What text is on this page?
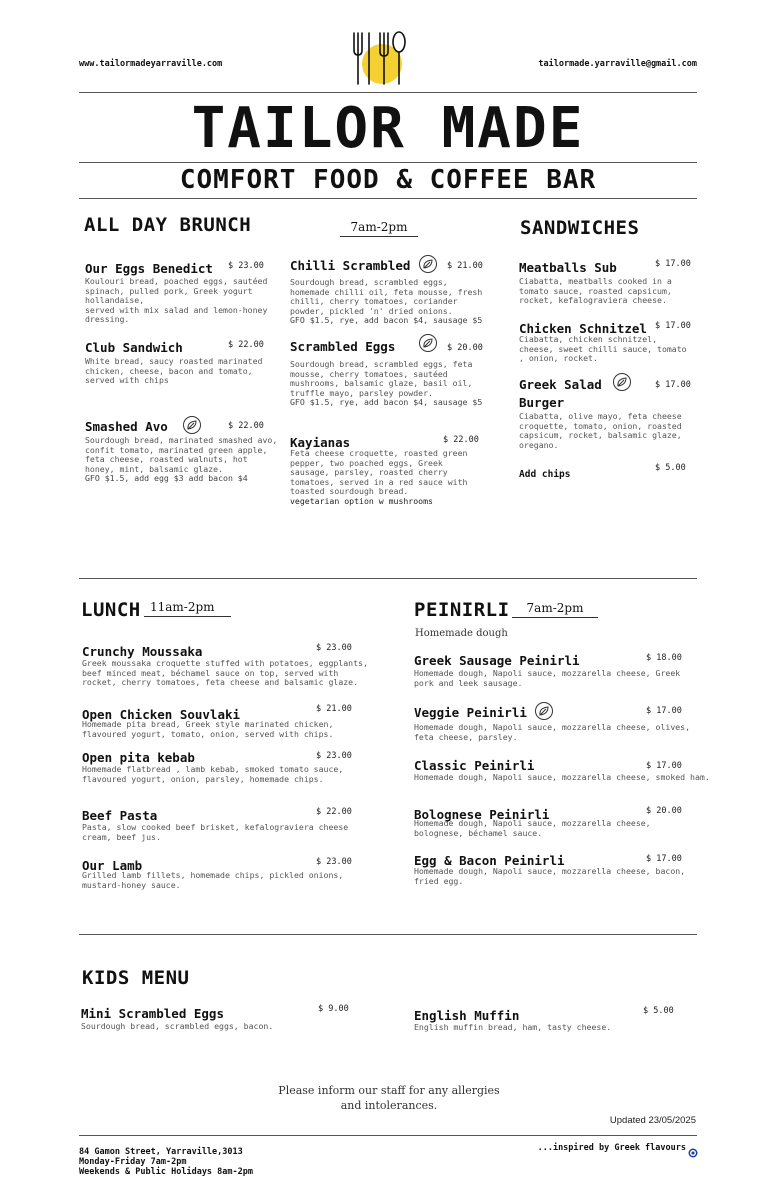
www.tailormadeyarraville.com	tailormade.yarraville@gmail.com
TAILOR MADE
COMFORT FOOD & COFFEE BAR
ALL DAY BRUNCH	7am-2pm
Our Eggs Benedict $ 23.00
Koulouri bread, poached eggs, sautéed spinach, pulled pork, Greek yogurt hollandaise,
served with mix salad and lemon-honey dressing.
Club Sandwich	$ 22.00
White bread, saucy roasted marinated chicken, cheese, bacon and tomato, served with chips
Smashed Avo	$ 22.00
Sourdough bread, marinated smashed avo, confit tomato, marinated green apple, feta cheese, roasted walnuts, hot honey, mint, balsamic glaze.
GFO $1.5, add egg $3 add bacon $4
Chilli Scrambled	$ 21.00
Sourdough bread, scrambled eggs, homemade chilli oil, feta mousse, fresh chilli, cherry tomatoes, coriander powder, pickled 'n' dried onions.
GFO $1.5, rye, add bacon $4, sausage $5
Scrambled Eggs	$ 20.00
Sourdough bread, scrambled eggs, feta mousse, cherry tomatoes, sautéed mushrooms, balsamic glaze, basil oil, truffle mayo, parsley powder.
GFO $1.5, rye, add bacon $4, sausage $5
Kayianas	$ 22.00
Feta cheese croquette, roasted green pepper, two poached eggs, Greek sausage, parsley, roasted cherry tomatoes, served in a red sauce with toasted sourdough bread.
vegetarian option w mushrooms
SANDWICHES
Meatballs Sub	$ 17.00
Ciabatta, meatballs cooked in a tomato sauce, roasted capsicum, rocket, kefalograviera cheese.
Chicken Schnitzel $ 17.00
Ciabatta, chicken schnitzel, cheese, sweet chilli sauce, tomato , onion, rocket.
Greek Salad	$ 17.00
Burger
Ciabatta, olive mayo, feta cheese croquette, tomato, onion, roasted capsicum, rocket, balsamic glaze, oregano.
Add chips
$ 5.00
LUNCH 11am-2pm
Crunchy Moussaka	$ 23.00
Greek moussaka croquette stuffed with potatoes, eggplants, beef minced meat, béchamel sauce on top, served with rocket, cherry tomatoes, feta cheese and balsamic glaze.
Open Chicken Souvlaki	$ 21.00
Homemade pita bread, Greek style marinated chicken, flavoured yogurt, tomato, onion, served with chips.
Open pita kebab	$ 23.00
Homemade flatbread , lamb kebab, smoked tomato sauce, flavoured yogurt, onion, parsley, homemade chips.
Beef Pasta	$ 22.00
Pasta, slow cooked beef brisket, kefalograviera cheese cream, beef jus.
Our Lamb	$ 23.00
Grilled lamb fillets, homemade chips, pickled onions, mustard-honey sauce.
PEINIRLI	7am-2pm
Homemade dough
Greek Sausage Peinirli	$ 18.00
Homemade dough, Napoli sauce, mozzarella cheese, Greek pork and leek sausage.
Veggie Peinirli	$ 17.00
Homemade dough, Napoli sauce, mozzarella cheese, olives, feta cheese, parsley.
Classic Peinirli	$ 17.00
Homemade dough, Napoli sauce, mozzarella cheese, smoked ham.
Bolognese Peinirli	$ 20.00
Homemade dough, Napoli sauce, mozzarella cheese, bolognese, béchamel sauce.
Egg & Bacon Peinirli	$ 17.00
Homemade dough, Napoli sauce, mozzarella cheese, bacon, fried egg.
KIDS MENU
Mini Scrambled Eggs	$ 9.00
Sourdough bread, scrambled eggs, bacon.
English Muffin	$ 5.00
English muffin bread, ham, tasty cheese.
Please inform our staff for any allergies and intolerances.
Updated 23/05/2025
84 Gamon Street, Yarraville,3013
Monday-Friday 7am-2pm
Weekends & Public Holidays 8am-2pm
...inspired by Greek flavours
